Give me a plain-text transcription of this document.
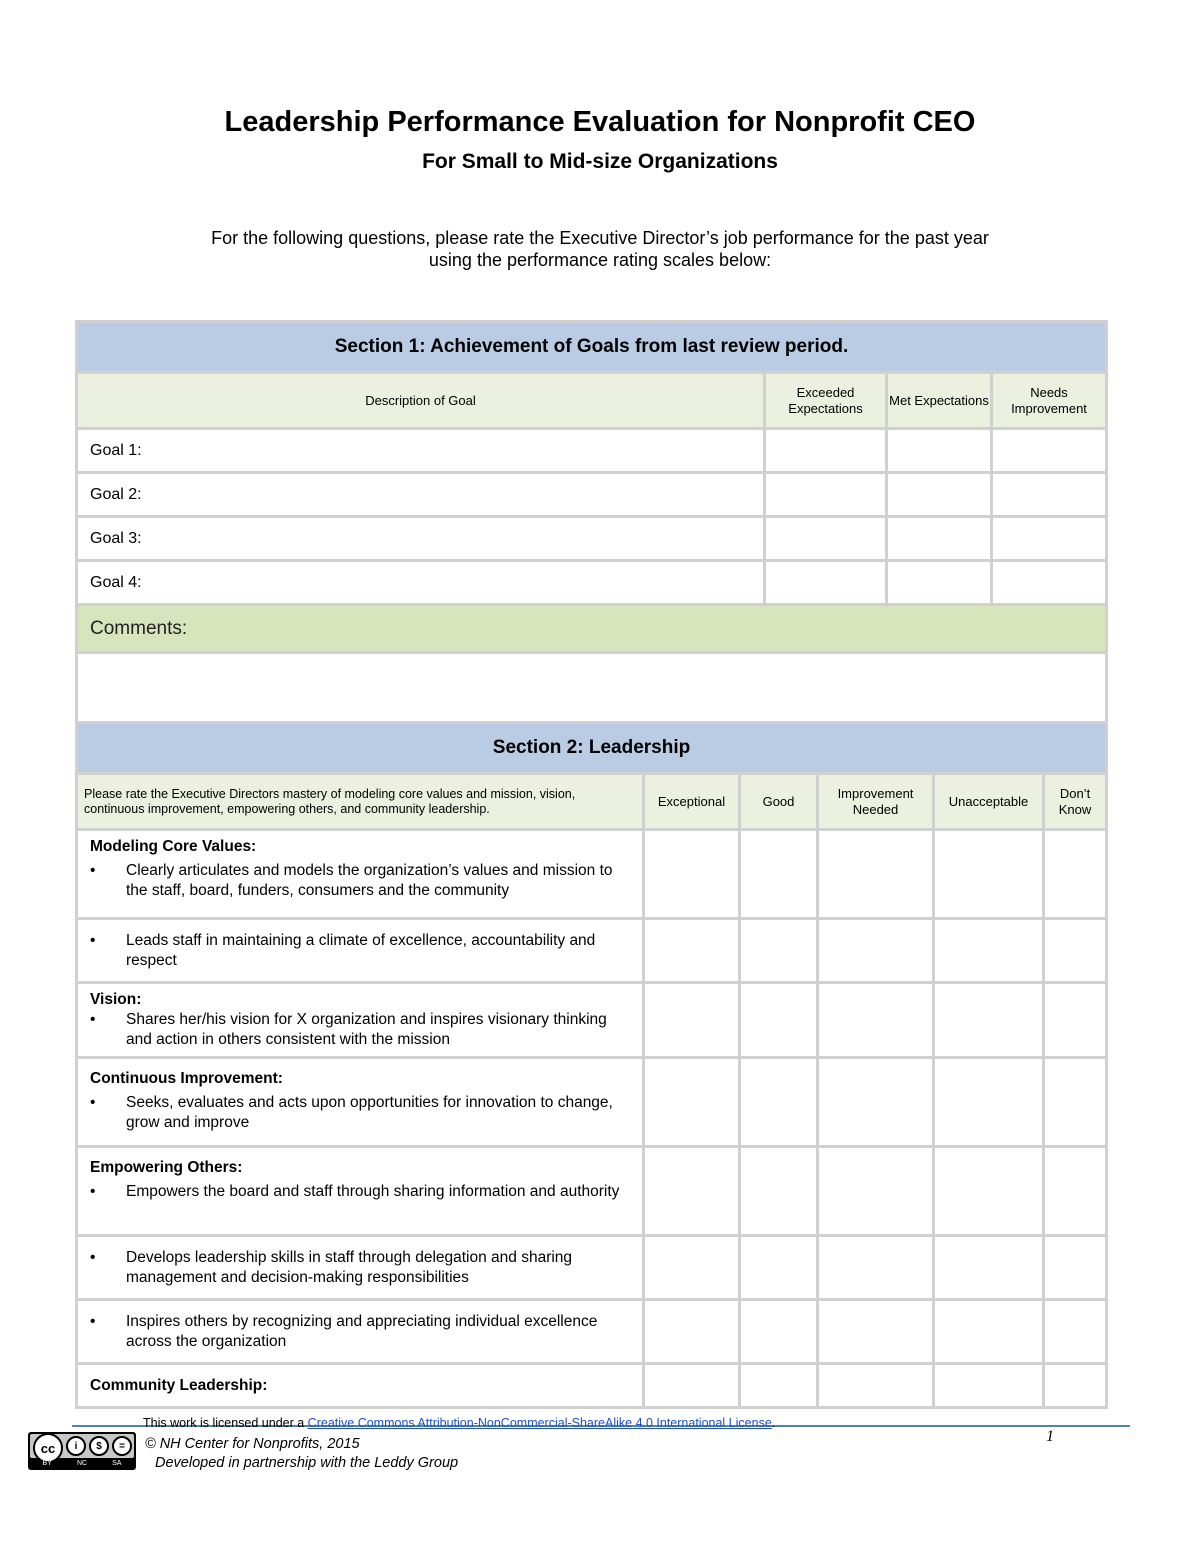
Leadership Performance Evaluation for Nonprofit CEO
For Small to Mid-size Organizations
For the following questions, please rate the Executive Director’s job performance for the past year
using the performance rating scales below:
Section 1: Achievement of Goals from last review period.			
Description of Goal	Exceeded Expectations	Met Expectations	Needs Improvement
Goal 1:			
Goal 2:			
Goal 3:			
Goal 4:			
Comments:			

Section 2: Leadership					
Please rate the Executive Directors mastery of modeling core values and mission, vision, continuous improvement, empowering others, and community leadership.	Exceptional	Good	Improvement Needed	Unacceptable	Don’t Know

Modeling Core Values:
• Clearly articulates and models the organization’s values and mission to the staff, board, funders, consumers and the community					

• Leads staff in maintaining a climate of excellence, accountability and respect					

Vision:
• Shares her/his vision for X organization and inspires visionary thinking and action in others consistent with the mission					

Continuous Improvement:
• Seeks, evaluates and acts upon opportunities for innovation to change, grow and improve					

Empowering Others:
• Empowers the board and staff through sharing information and authority					

• Develops leadership skills in staff through delegation and sharing management and decision-making responsibilities					

• Inspires others by recognizing and appreciating individual excellence across the organization					

Community Leadership:					

This work is licensed under a Creative Commons Attribution-NonCommercial-ShareAlike 4.0 International License.
cc	i	$	=
BY	NC	SA
© NH Center for Nonprofits, 2015
Developed in partnership with the Leddy Group
1
